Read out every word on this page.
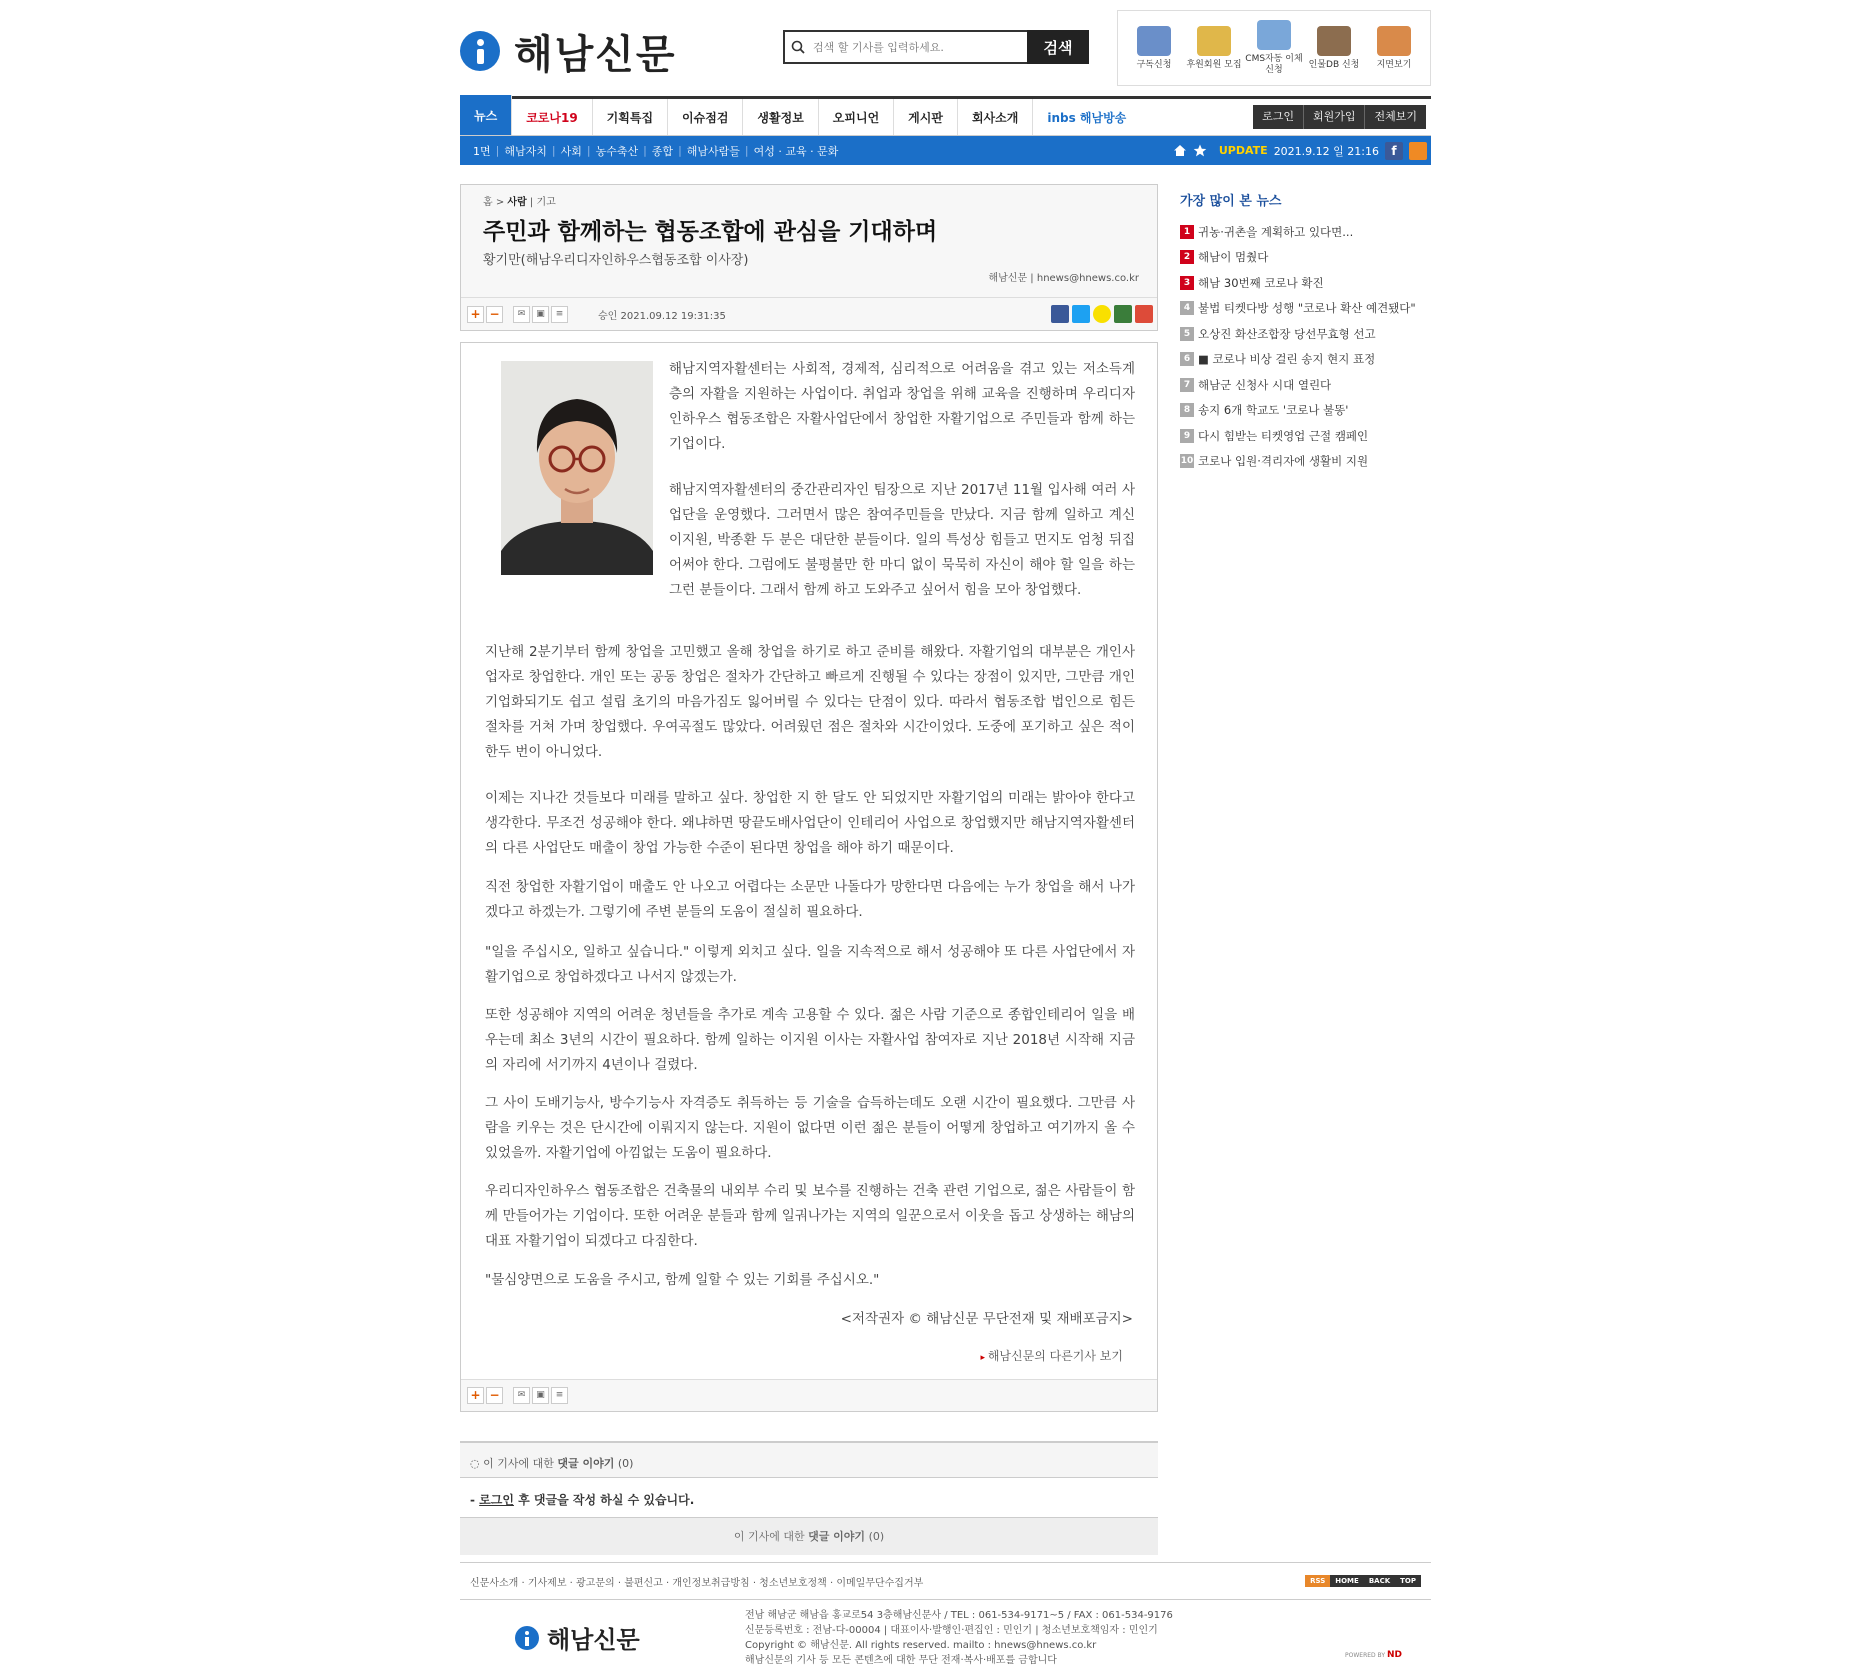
해남신문
검색 할 기사를 입력하세요.	검색
구독신청	후원회원 모집
CMS자동 이체신청
인물DB 신청	지면보기
뉴스	코로나19	기획특집	이슈점검	생활정보	오피니언	게시판	회사소개	inbs 해남방송	로그인	회원가입	전체보기
1면 | 해남자치 | 사회 | 농수축산 | 종합 | 해남사람들 | 여성 · 교육 · 문화	UPDATE 2021.9.12 일 21:16	f
홈 > 사람 | 기고
주민과 함께하는 협동조합에 관심을 기대하며
황기만(해남우리디자인하우스협동조합 이사장)
해남신문 | hnews@hnews.co.kr
+ −	✉	▣	≡	승인 2021.09.12 19:31:35
해남지역자활센터는 사회적, 경제적, 심리적으로 어려움을 겪고 있는 저소득계층의 자활을 지원하는 사업이다. 취업과 창업을 위해 교육을 진행하며 우리디자인하우스 협동조합은 자활사업단에서 창업한 자활기업으로 주민들과 함께 하는 기업이다.
해남지역자활센터의 중간관리자인 팀장으로 지난 2017년 11월 입사해 여러 사업단을 운영했다. 그러면서 많은 참여주민들을 만났다. 지금 함께 일하고 계신 이지원, 박종환 두 분은 대단한 분들이다. 일의 특성상 힘들고 먼지도 엄청 뒤집어써야 한다. 그럼에도 불평불만 한 마디 없이 묵묵히 자신이 해야 할 일을 하는 그런 분들이다. 그래서 함께 하고 도와주고 싶어서 힘을 모아 창업했다.
지난해 2분기부터 함께 창업을 고민했고 올해 창업을 하기로 하고 준비를 해왔다. 자활기업의 대부분은 개인사업자로 창업한다. 개인 또는 공동 창업은 절차가 간단하고 빠르게 진행될 수 있다는 장점이 있지만, 그만큼 개인 기업화되기도 쉽고 설립 초기의 마음가짐도 잃어버릴 수 있다는 단점이 있다. 따라서 협동조합 법인으로 힘든 절차를 거쳐 가며 창업했다. 우여곡절도 많았다. 어려웠던 점은 절차와 시간이었다. 도중에 포기하고 싶은 적이 한두 번이 아니었다.
이제는 지나간 것들보다 미래를 말하고 싶다. 창업한 지 한 달도 안 되었지만 자활기업의 미래는 밝아야 한다고 생각한다. 무조건 성공해야 한다. 왜냐하면 땅끝도배사업단이 인테리어 사업으로 창업했지만 해남지역자활센터의 다른 사업단도 매출이 창업 가능한 수준이 된다면 창업을 해야 하기 때문이다.
직전 창업한 자활기업이 매출도 안 나오고 어렵다는 소문만 나돌다가 망한다면 다음에는 누가 창업을 해서 나가겠다고 하겠는가. 그렇기에 주변 분들의 도움이 절실히 필요하다.
"일을 주십시오, 일하고 싶습니다." 이렇게 외치고 싶다. 일을 지속적으로 해서 성공해야 또 다른 사업단에서 자활기업으로 창업하겠다고 나서지 않겠는가.
또한 성공해야 지역의 어려운 청년들을 추가로 계속 고용할 수 있다. 젊은 사람 기준으로 종합인테리어 일을 배우는데 최소 3년의 시간이 필요하다. 함께 일하는 이지원 이사는 자활사업 참여자로 지난 2018년 시작해 지금의 자리에 서기까지 4년이나 걸렸다.
그 사이 도배기능사, 방수기능사 자격증도 취득하는 등 기술을 습득하는데도 오랜 시간이 필요했다. 그만큼 사람을 키우는 것은 단시간에 이뤄지지 않는다. 지원이 없다면 이런 젊은 분들이 어떻게 창업하고 여기까지 올 수 있었을까. 자활기업에 아낌없는 도움이 필요하다.
우리디자인하우스 협동조합은 건축물의 내외부 수리 및 보수를 진행하는 건축 관련 기업으로, 젊은 사람들이 함께 만들어가는 기업이다. 또한 어려운 분들과 함께 일궈나가는 지역의 일꾼으로서 이웃을 돕고 상생하는 해남의 대표 자활기업이 되겠다고 다짐한다.
"물심양면으로 도움을 주시고, 함께 일할 수 있는 기회를 주십시오."
<저작권자 © 해남신문 무단전재 및 재배포금지>
▸ 해남신문의 다른기사 보기
+ −	✉	▣	≡
◌ 이 기사에 대한 댓글 이야기 (0)
- 로그인 후 댓글을 작성 하실 수 있습니다.
이 기사에 대한 댓글 이야기 (0)
가장 많이 본 뉴스
1 귀농·귀촌을 계획하고 있다면...
2 해남이 멈췄다
3 해남 30번째 코로나 확진
4 불법 티켓다방 성행 "코로나 확산 예견됐다"
5 오상진 화산조합장 당선무효형 선고
6 ■ 코로나 비상 걸린 송지 현지 표정
7 해남군 신청사 시대 열린다
8 송지 6개 학교도 '코로나 불똥'
9 다시 힘받는 티켓영업 근절 캠페인
10 코로나 입원·격리자에 생활비 지원
신문사소개 · 기사제보 · 광고문의 · 불편신고 · 개인정보취급방침 · 청소년보호정책 · 이메일무단수집거부	RSS	HOME	BACK	TOP
해남신문
전남 해남군 해남읍 홍교로54 3층해남신문사 / TEL : 061-534-9171~5 / FAX : 061-534-9176
신문등록번호 : 전남-다-00004 | 대표이사·발행인·편집인 : 민인기 | 청소년보호책임자 : 민인기
Copyright © 해남신문. All rights reserved. mailto : hnews@hnews.co.kr
해남신문의 기사 등 모든 콘텐츠에 대한 무단 전재·복사·배포를 금합니다	POWERED BY ND
